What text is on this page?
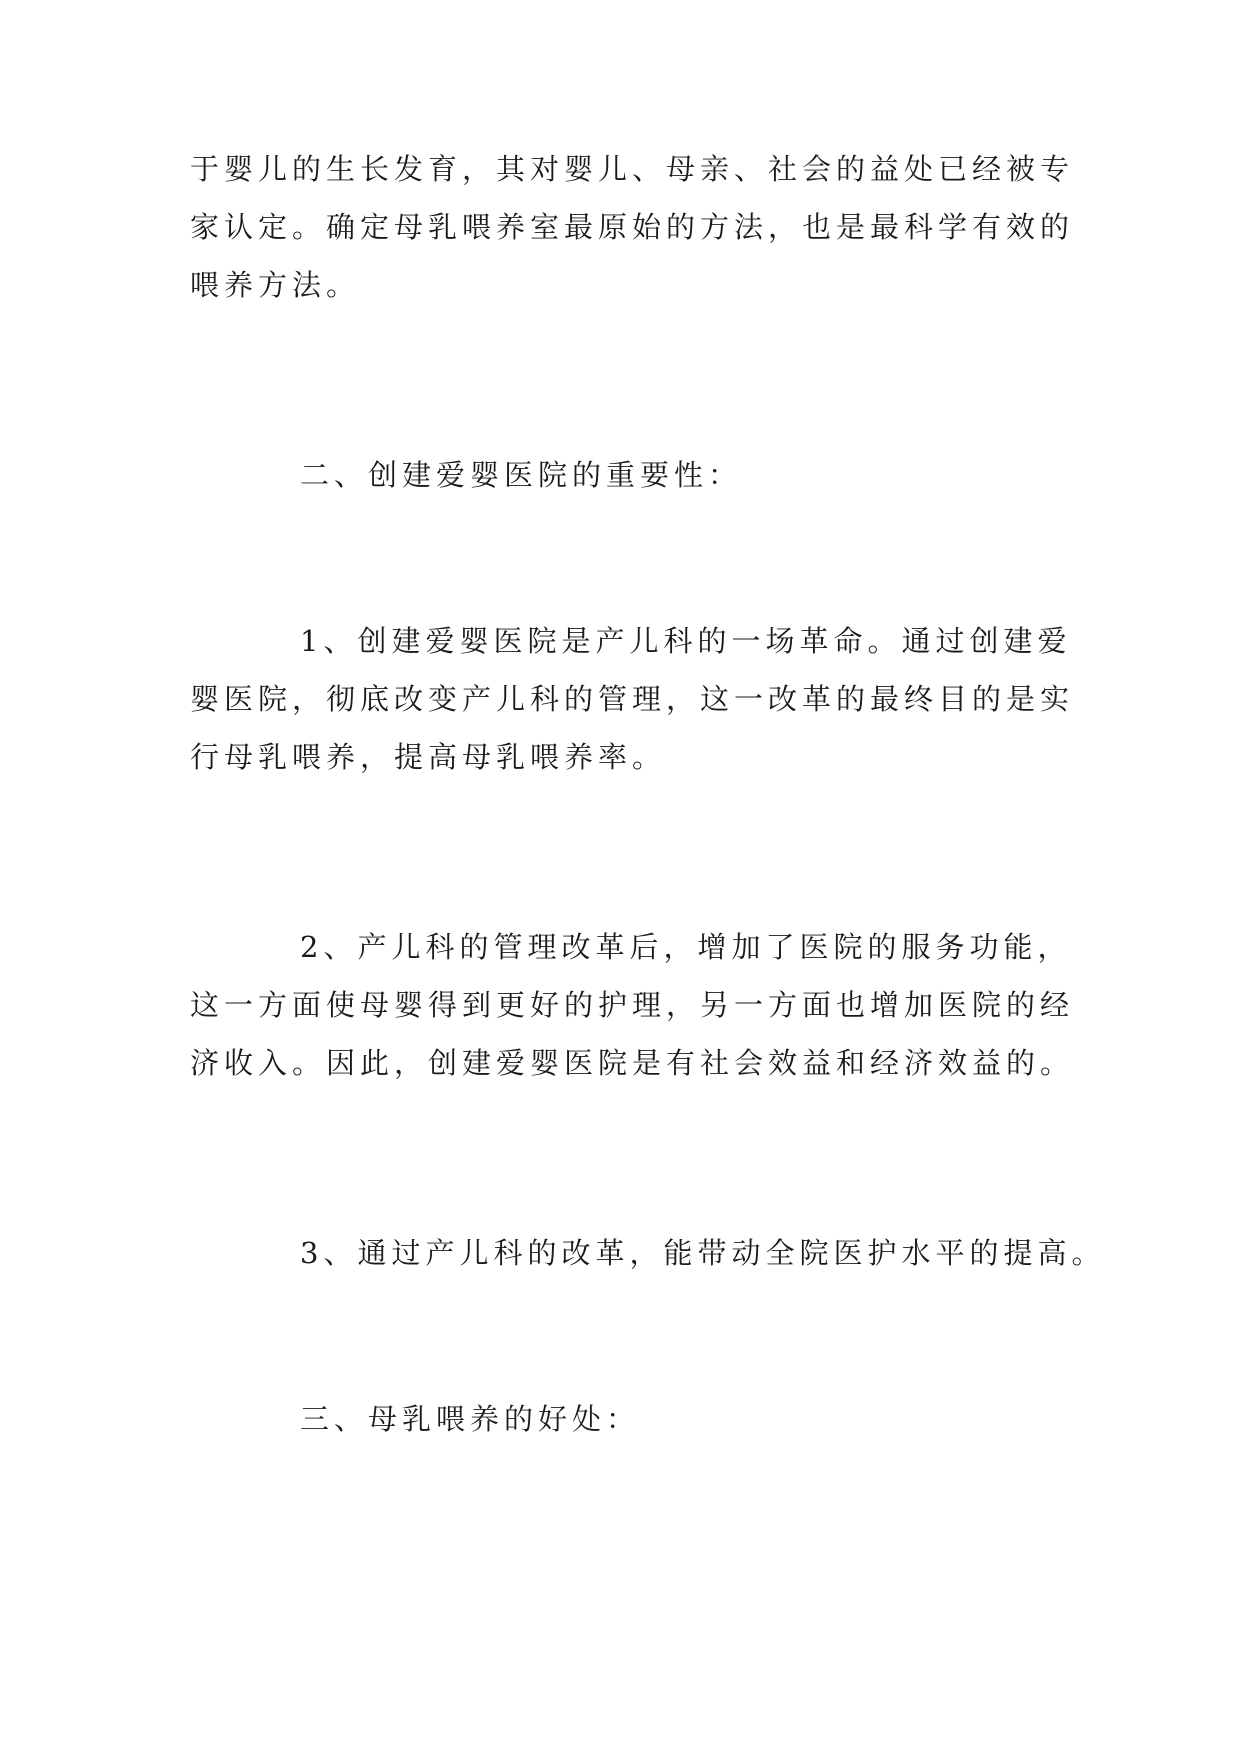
于婴儿的生长发育，其对婴儿、母亲、社会的益处已经被专
家认定。确定母乳喂养室最原始的方法，也是最科学有效的
喂养方法。
二、创建爱婴医院的重要性：
1、创建爱婴医院是产儿科的一场革命。通过创建爱
婴医院，彻底改变产儿科的管理，这一改革的最终目的是实
行母乳喂养，提高母乳喂养率。
2、产儿科的管理改革后，增加了医院的服务功能，
这一方面使母婴得到更好的护理，另一方面也增加医院的经
济收入。因此，创建爱婴医院是有社会效益和经济效益的。
3、通过产儿科的改革，能带动全院医护水平的提高。
三、母乳喂养的好处：
